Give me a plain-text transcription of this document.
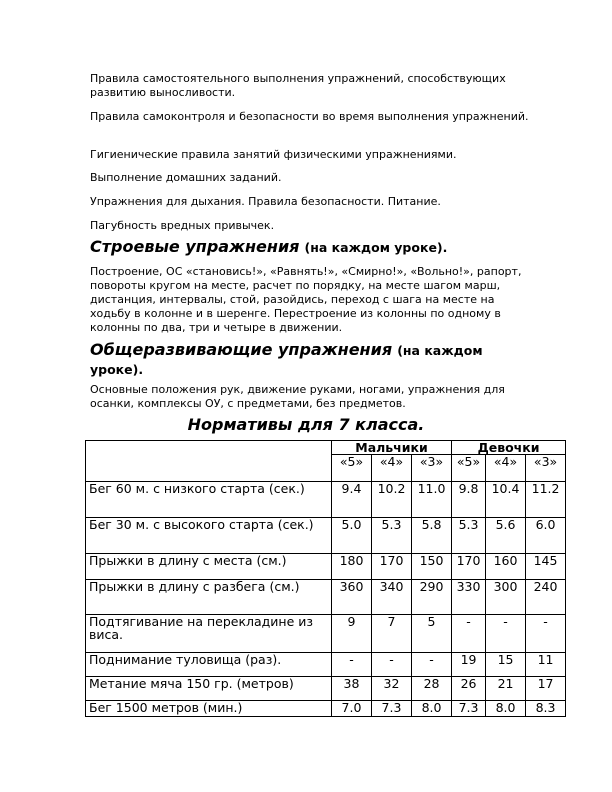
Правила самостоятельного выполнения упражнений, способствующих развитию выносливости.

Правила самоконтроля и безопасности во время выполнения упражнений.

Гигиенические правила занятий физическими упражнениями.

Выполнение домашних заданий.

Упражнения для дыхания. Правила безопасности. Питание.

Пагубность вредных привычек.

Строевые упражнения (на каждом уроке).

Построение, ОС «становись!», «Равнять!», «Смирно!», «Вольно!», рапорт, повороты кругом на месте, расчет по порядку, на месте шагом марш, дистанция, интервалы, стой, разойдись, переход с шага на месте на ходьбу в колонне и в шеренге. Перестроение из колонны по одному в колонны по два, три и четыре в движении.

Общеразвивающие упражнения (на каждом уроке).

Основные положения рук, движение руками, ногами, упражнения для осанки, комплексы ОУ, с предметами, без предметов.

Нормативы для 7 класса.

	Мальчики			Девочки		
	«5»	«4»	«3»	«5»	«4»	«3»
Бег 60 м. с низкого старта (сек.)	9.4	10.2	11.0	9.8	10.4	11.2
Бег 30 м. с высокого старта (сек.)	5.0	5.3	5.8	5.3	5.6	6.0
Прыжки в длину с места (см.)	180	170	150	170	160	145
Прыжки в длину с разбега (см.)	360	340	290	330	300	240
Подтягивание на перекладине из виса.	9	7	5	-	-	-
Поднимание туловища (раз).	-	-	-	19	15	11
Метание мяча 150 гр. (метров)	38	32	28	26	21	17
Бег 1500 метров (мин.)	7.0	7.3	8.0	7.3	8.0	8.3
